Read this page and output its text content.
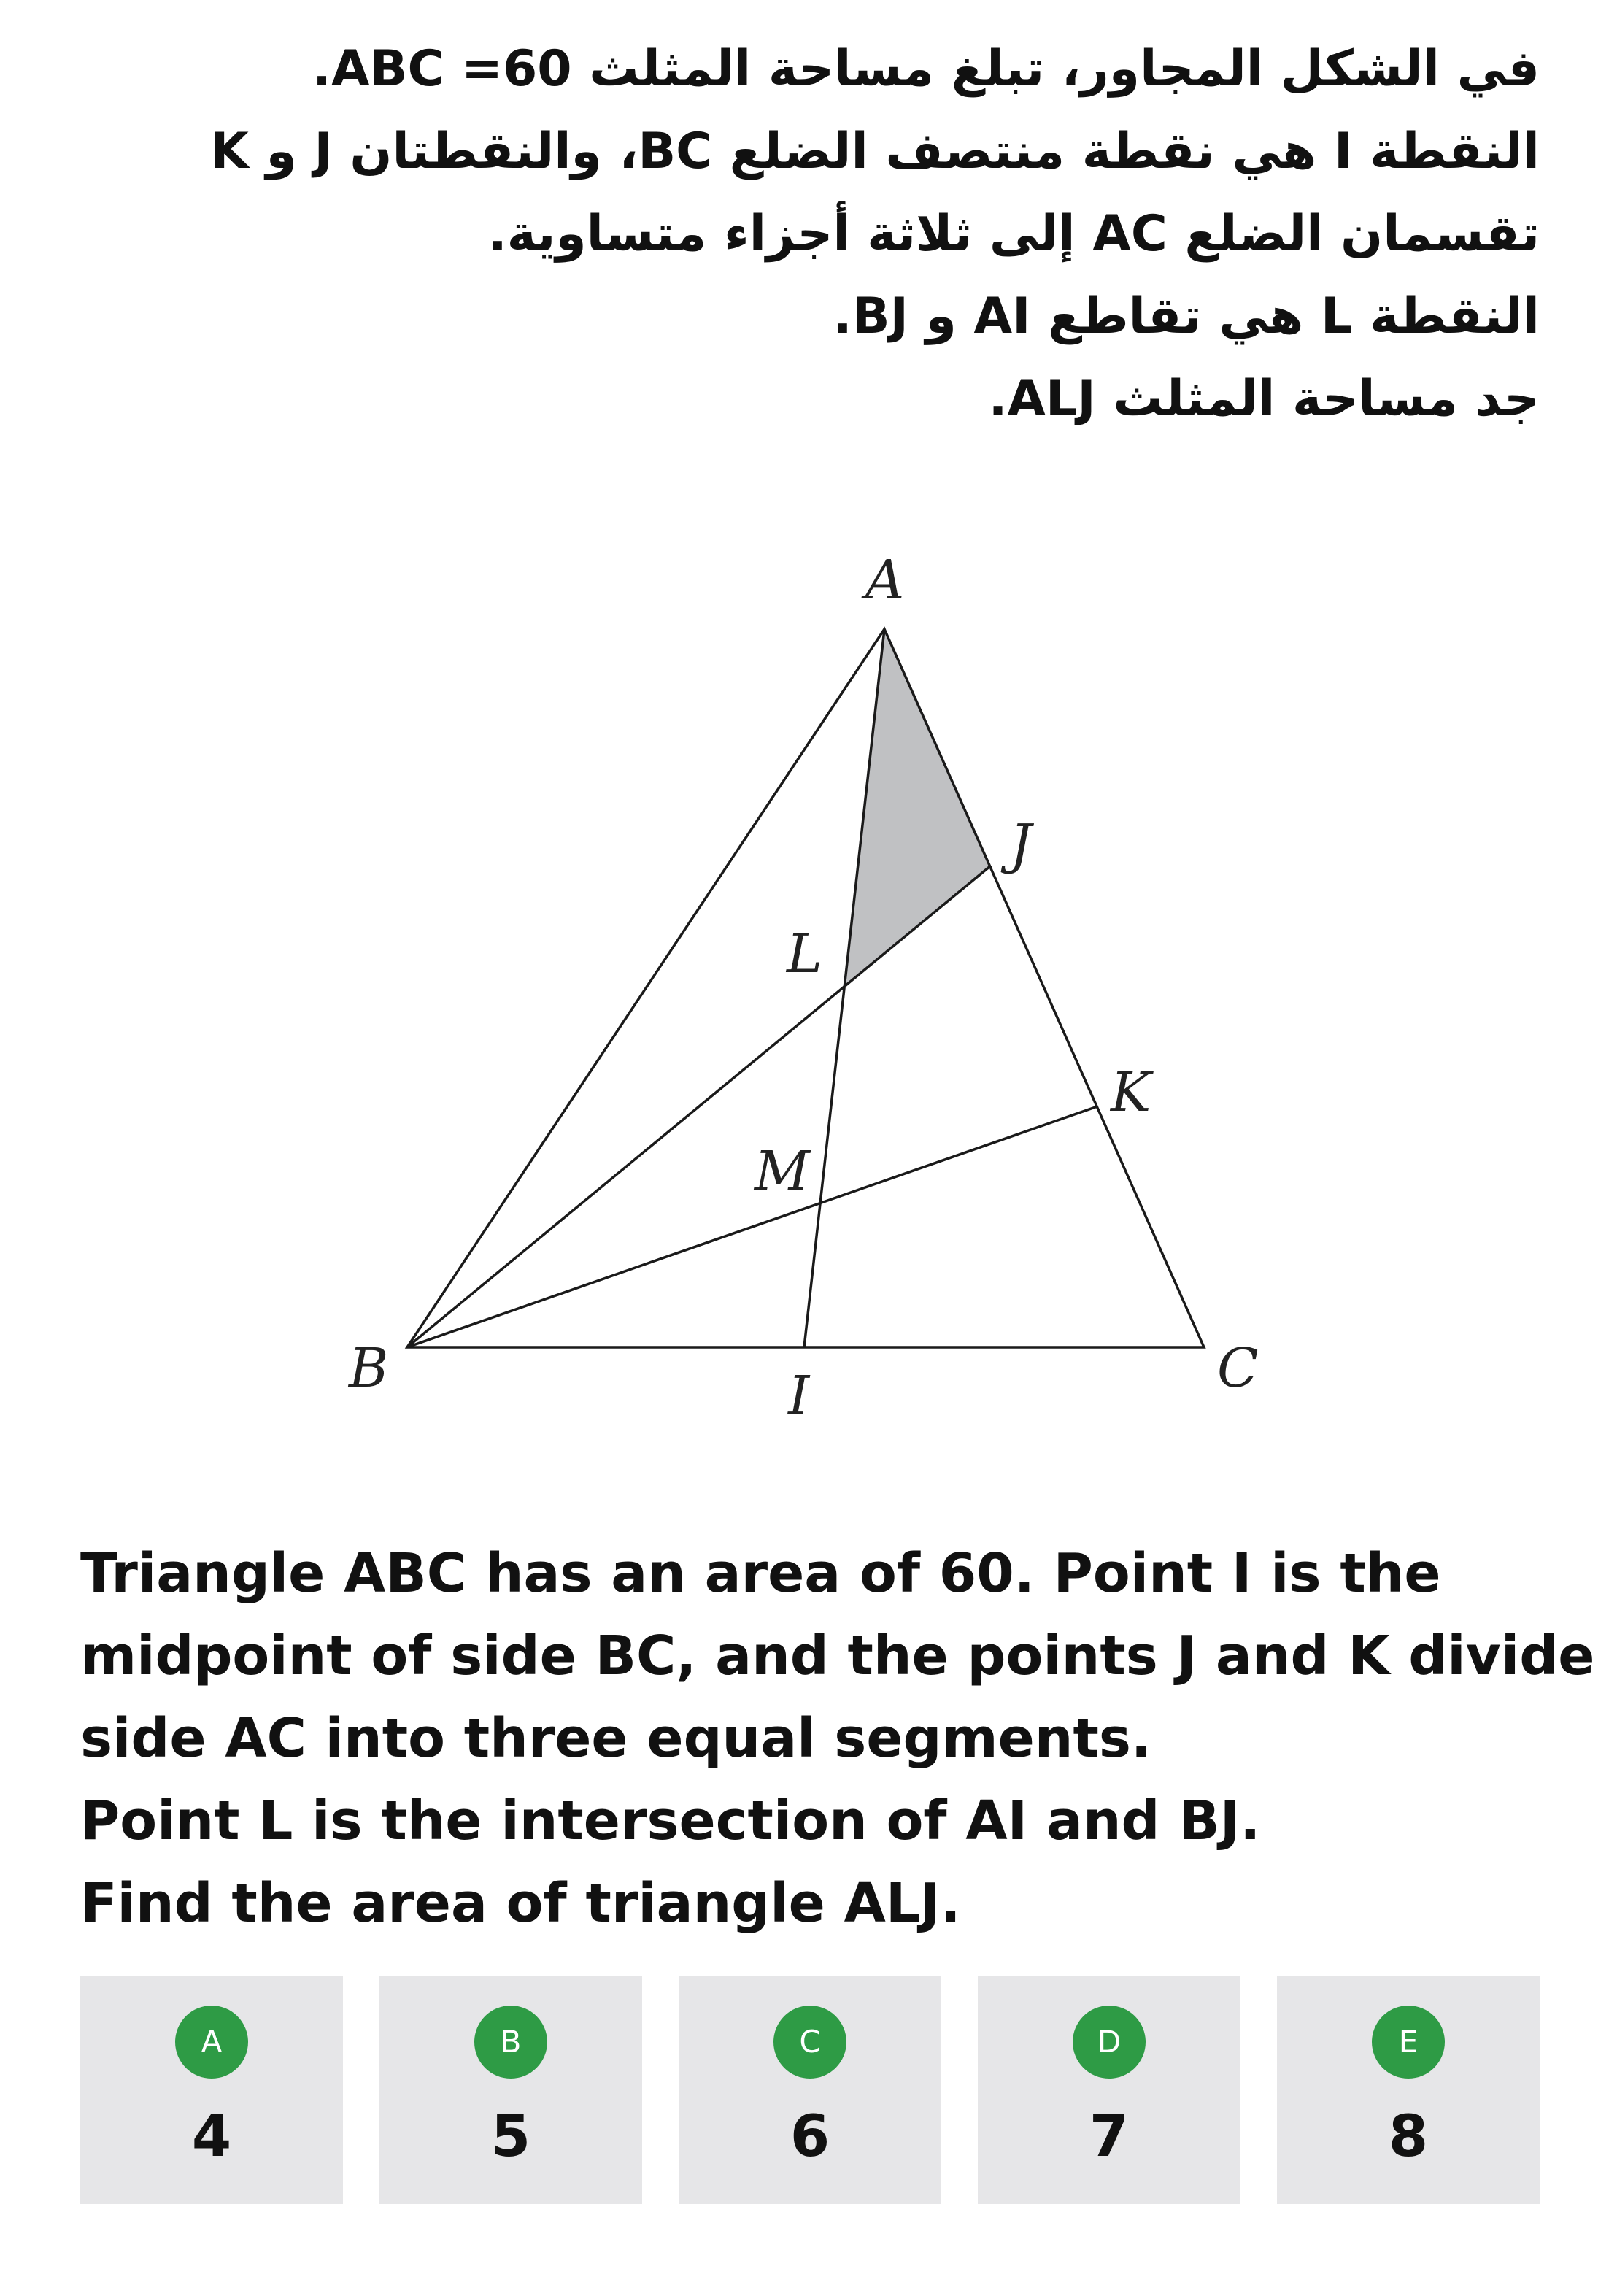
في الشكل المجاور، تبلغ مساحة المثلث ABC =60.
النقطة I هي نقطة منتصف الضلع BC، والنقطتان J و K
تقسمان الضلع AC إلى ثلاثة أجزاء متساوية.
النقطة L هي تقاطع AI و BJ.
جد مساحة المثلث ALJ.
A
B	C
I
J
K
L
M
Triangle ABC has an area of 60. Point I is the
midpoint of side BC, and the points J and K divide
side AC into three equal segments.
Point L is the intersection of AI and BJ.
Find the area of triangle ALJ.
A
4
B
5
C
6
D
7
E
8
